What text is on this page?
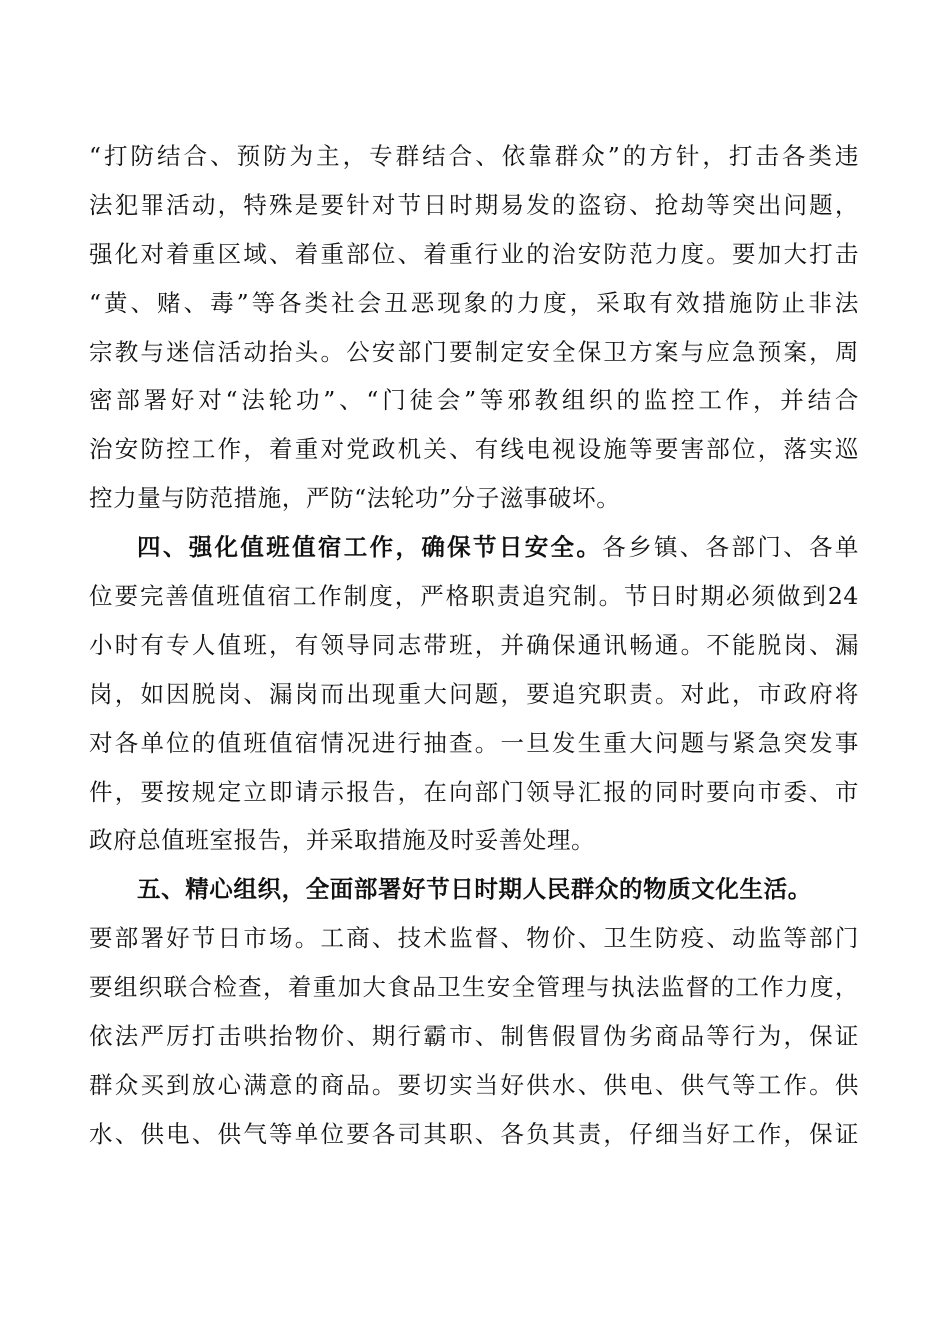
“打防结合、预防为主，专群结合、依靠群众”的方针，打击各类违
法犯罪活动，特殊是要针对节日时期易发的盗窃、抢劫等突出问题，
强化对着重区域、着重部位、着重行业的治安防范力度。要加大打击
“黄、赌、毒”等各类社会丑恶现象的力度，采取有效措施防止非法
宗教与迷信活动抬头。公安部门要制定安全保卫方案与应急预案，周
密部署好对“法轮功”、“门徒会”等邪教组织的监控工作，并结合
治安防控工作，着重对党政机关、有线电视设施等要害部位，落实巡
控力量与防范措施，严防“法轮功”分子滋事破坏。
四、强化值班值宿工作，确保节日安全。各乡镇、各部门、各单
位要完善值班值宿工作制度，严格职责追究制。节日时期必须做到24
小时有专人值班，有领导同志带班，并确保通讯畅通。不能脱岗、漏
岗，如因脱岗、漏岗而出现重大问题，要追究职责。对此，市政府将
对各单位的值班值宿情况进行抽查。一旦发生重大问题与紧急突发事
件，要按规定立即请示报告，在向部门领导汇报的同时要向市委、市
政府总值班室报告，并采取措施及时妥善处理。
五、精心组织，全面部署好节日时期人民群众的物质文化生活。
要部署好节日市场。工商、技术监督、物价、卫生防疫、动监等部门
要组织联合检查，着重加大食品卫生安全管理与执法监督的工作力度，
依法严厉打击哄抬物价、期行霸市、制售假冒伪劣商品等行为，保证
群众买到放心满意的商品。要切实当好供水、供电、供气等工作。供
水、供电、供气等单位要各司其职、各负其责，仔细当好工作，保证
